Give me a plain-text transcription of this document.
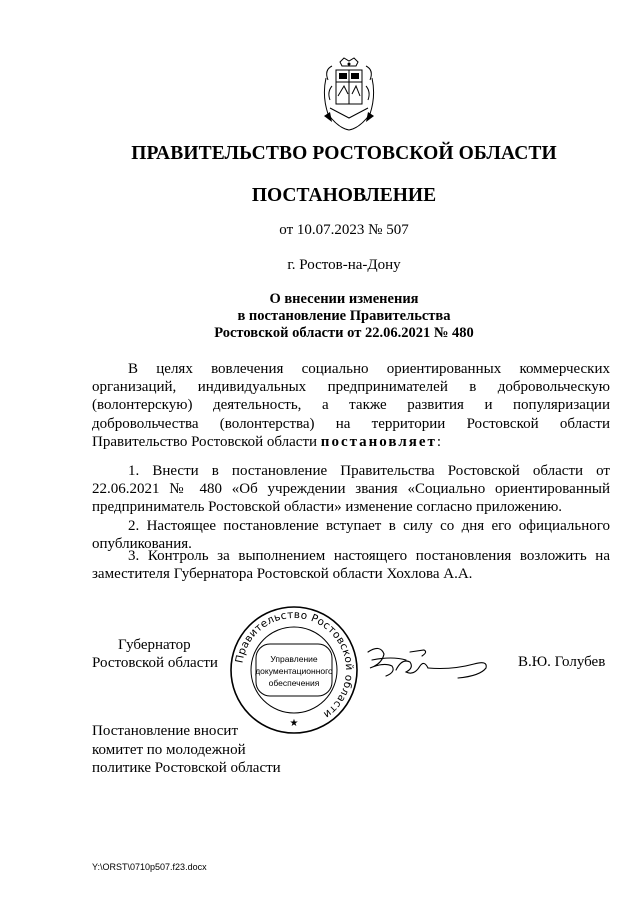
ПРАВИТЕЛЬСТВО РОСТОВСКОЙ ОБЛАСТИ
ПОСТАНОВЛЕНИЕ
от 10.07.2023 № 507
г. Ростов-на-Дону
О внесении изменения
в постановление Правительства
Ростовской области от 22.06.2021 № 480
В целях вовлечения социально ориентированных коммерческих организаций, индивидуальных предпринимателей в добровольческую (волонтерскую) деятельность, а также развития и популяризации добровольчества (волонтерства) на территории Ростовской области Правительство Ростовской области постановляет:
1. Внести в постановление Правительства Ростовской области от 22.06.2021 № 480 «Об учреждении звания «Социально ориентированный предприниматель Ростовской области» изменение согласно приложению.
2. Настоящее постановление вступает в силу со дня его официального опубликования.
3. Контроль за выполнением настоящего постановления возложить на заместителя Губернатора Ростовской области Хохлова А.А.
Губернатор
Ростовской области Правительство Ростовской области
Управление
документационного
обеспечения
★
В.Ю. Голубев
Постановление вносит
комитет по молодежной
политике Ростовской области
Y:\ORST\0710p507.f23.docx
